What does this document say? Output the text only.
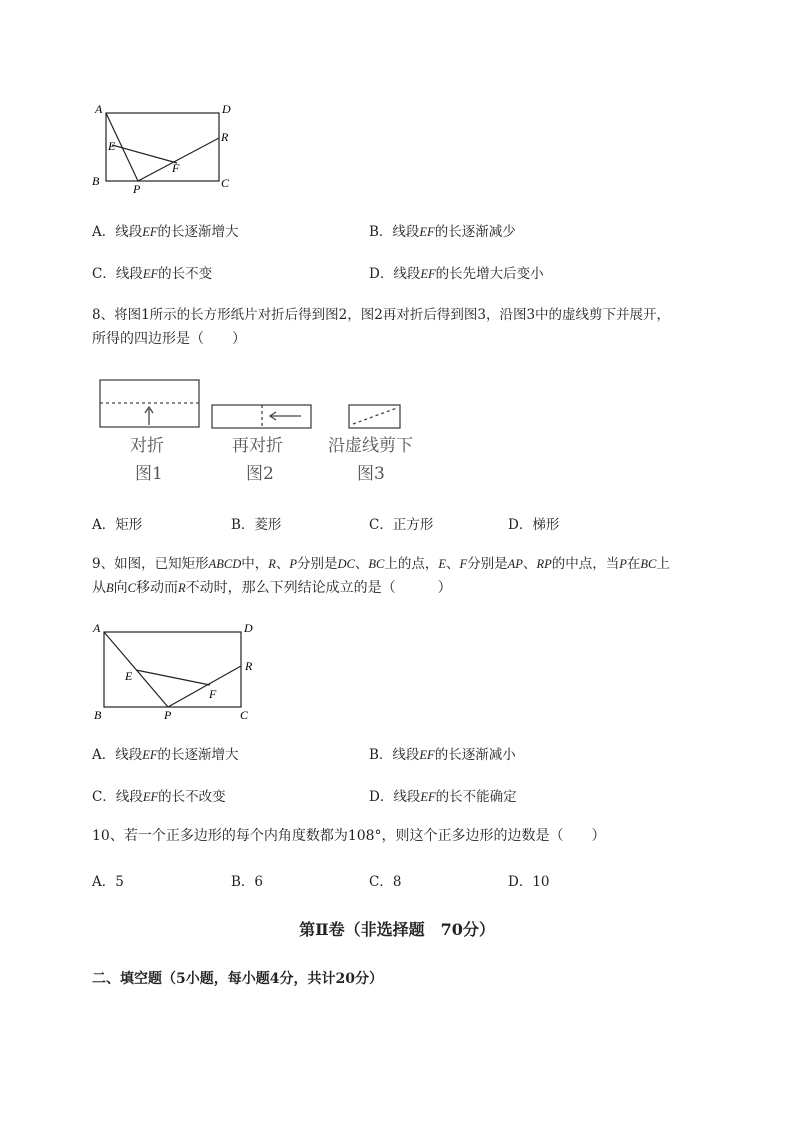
A	D
R
E
F
B
P	C
A．线段EF的长逐渐增大	B．线段EF的长逐渐减少
C．线段EF的长不变	D．线段EF的长先增大后变小
8、将图1所示的长方形纸片对折后得到图2，图2再对折后得到图3，沿图3中的虚线剪下并展开，
所得的四边形是（　　）
对折
图1
再对折
图2
沿虚线剪下
图3
A．矩形	B．菱形	C．正方形	D．梯形
9、如图，已知矩形ABCD中，R、P分别是DC、BC上的点，E、F分别是AP、RP的中点，当P在BC上
从B向C移动而R不动时，那么下列结论成立的是（　　　）
A	D
R
E
F
B	P	C
A．线段EF的长逐渐增大	B．线段EF的长逐渐减小
C．线段EF的长不改变	D．线段EF的长不能确定
10、若一个正多边形的每个内角度数都为108°，则这个正多边形的边数是（　　）
A．5	B．6	C．8	D．10
第Ⅱ卷（非选择题　70分）
二、填空题（5小题，每小题4分，共计20分）
